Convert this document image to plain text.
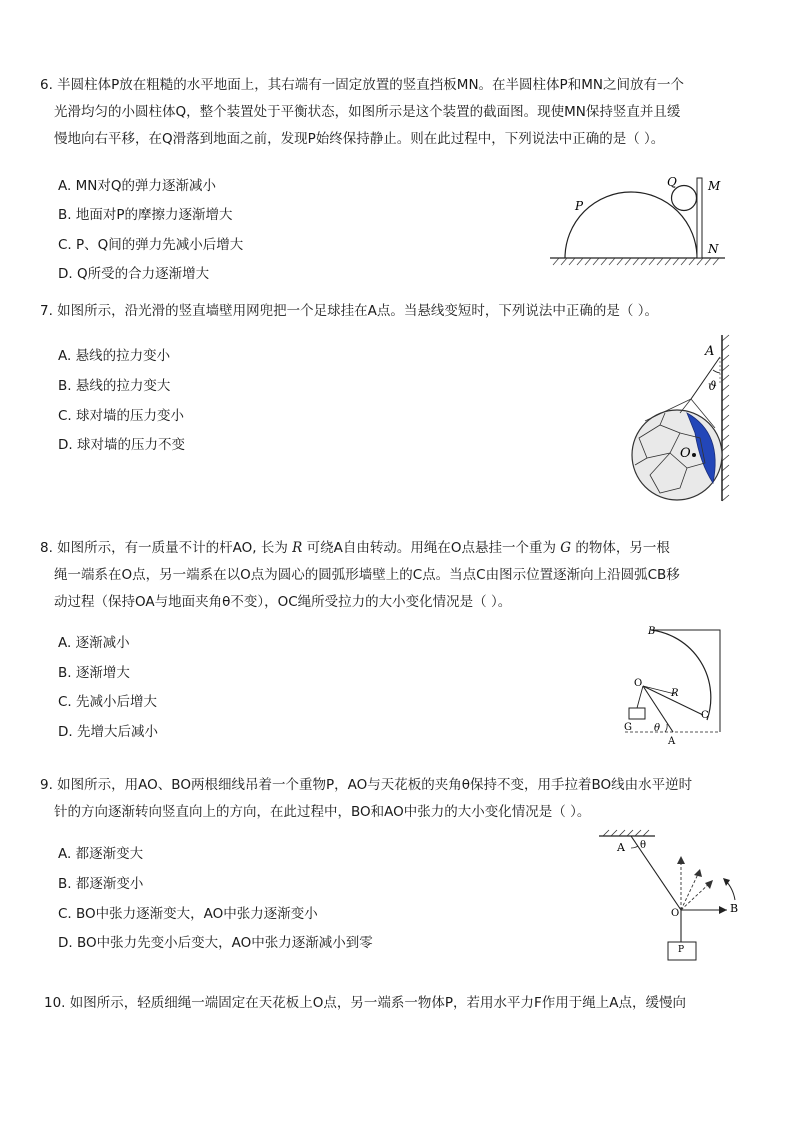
6. 半圆柱体P放在粗糙的水平地面上，其右端有一固定放置的竖直挡板MN。在半圆柱体P和MN之间放有一个
光滑均匀的小圆柱体Q，整个装置处于平衡状态，如图所示是这个装置的截面图。现使MN保持竖直并且缓
慢地向右平移，在Q滑落到地面之前，发现P始终保持静止。则在此过程中，下列说法中正确的是（ ）。
A. MN对Q的弹力逐渐减小
B. 地面对P的摩擦力逐渐增大
C. P、Q间的弹力先减小后增大
D. Q所受的合力逐渐增大
P
Q	M
N
7. 如图所示，沿光滑的竖直墙壁用网兜把一个足球挂在A点。当悬线变短时，下列说法中正确的是（ ）。
A. 悬线的拉力变小
B. 悬线的拉力变大
C. 球对墙的压力变小
D. 球对墙的压力不变
A
ϑ
O
8. 如图所示，有一质量不计的杆AO, 长为 R 可绕A自由转动。用绳在O点悬挂一个重为 G 的物体，另一根
绳一端系在O点，另一端系在以O点为圆心的圆弧形墙壁上的C点。当点C由图示位置逐渐向上沿圆弧CB移
动过程（保持OA与地面夹角θ不变），OC绳所受拉力的大小变化情况是（ ）。
A. 逐渐减小
B. 逐渐增大
C. 先减小后增大
D. 先增大后减小
B
O
R
G θ
C
A
9. 如图所示，用AO、BO两根细线吊着一个重物P，AO与天花板的夹角θ保持不变，用手拉着BO线由水平逆时
针的方向逐渐转向竖直向上的方向，在此过程中，BO和AO中张力的大小变化情况是（ ）。
A. 都逐渐变大
B. 都逐渐变小
C. BO中张力逐渐变大，AO中张力逐渐变小
D. BO中张力先变小后变大，AO中张力逐渐减小到零
A θ
O	B
P
10. 如图所示，轻质细绳一端固定在天花板上O点，另一端系一物体P，若用水平力F作用于绳上A点，缓慢向
